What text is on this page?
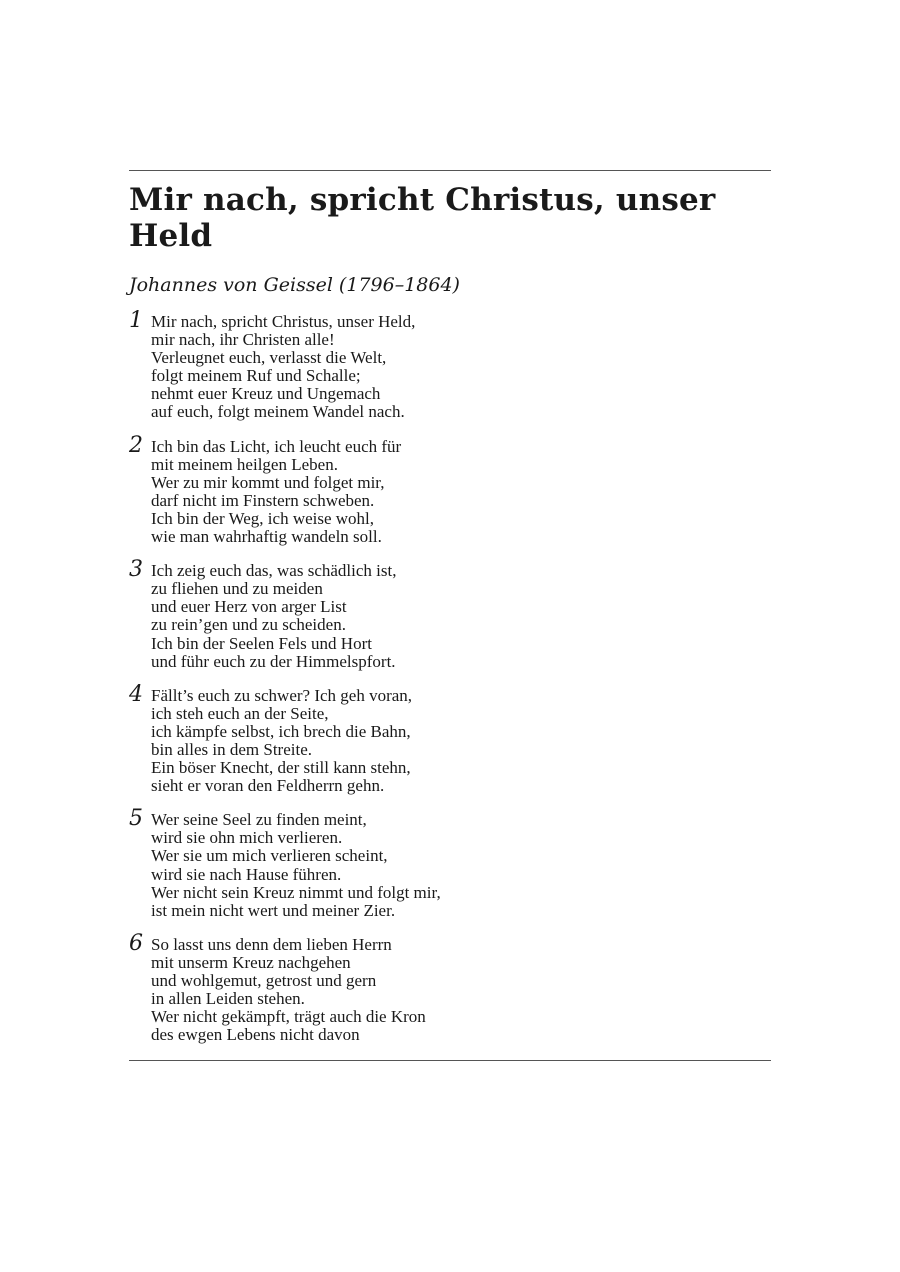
Mir nach, spricht Christus, unser Held
Johannes von Geissel (1796–1864)
1 Mir nach, spricht Christus, unser Held,
mir nach, ihr Christen alle!
Verleugnet euch, verlasst die Welt,
folgt meinem Ruf und Schalle;
nehmt euer Kreuz und Ungemach
auf euch, folgt meinem Wandel nach.
2 Ich bin das Licht, ich leucht euch für
mit meinem heilgen Leben.
Wer zu mir kommt und folget mir,
darf nicht im Finstern schweben.
Ich bin der Weg, ich weise wohl,
wie man wahrhaftig wandeln soll.
3 Ich zeig euch das, was schädlich ist,
zu fliehen und zu meiden
und euer Herz von arger List
zu rein’gen und zu scheiden.
Ich bin der Seelen Fels und Hort
und führ euch zu der Himmelspfort.
4 Fällt’s euch zu schwer? Ich geh voran,
ich steh euch an der Seite,
ich kämpfe selbst, ich brech die Bahn,
bin alles in dem Streite.
Ein böser Knecht, der still kann stehn,
sieht er voran den Feldherrn gehn.
5 Wer seine Seel zu finden meint,
wird sie ohn mich verlieren.
Wer sie um mich verlieren scheint,
wird sie nach Hause führen.
Wer nicht sein Kreuz nimmt und folgt mir,
ist mein nicht wert und meiner Zier.
6 So lasst uns denn dem lieben Herrn
mit unserm Kreuz nachgehen
und wohlgemut, getrost und gern
in allen Leiden stehen.
Wer nicht gekämpft, trägt auch die Kron
des ewgen Lebens nicht davon
